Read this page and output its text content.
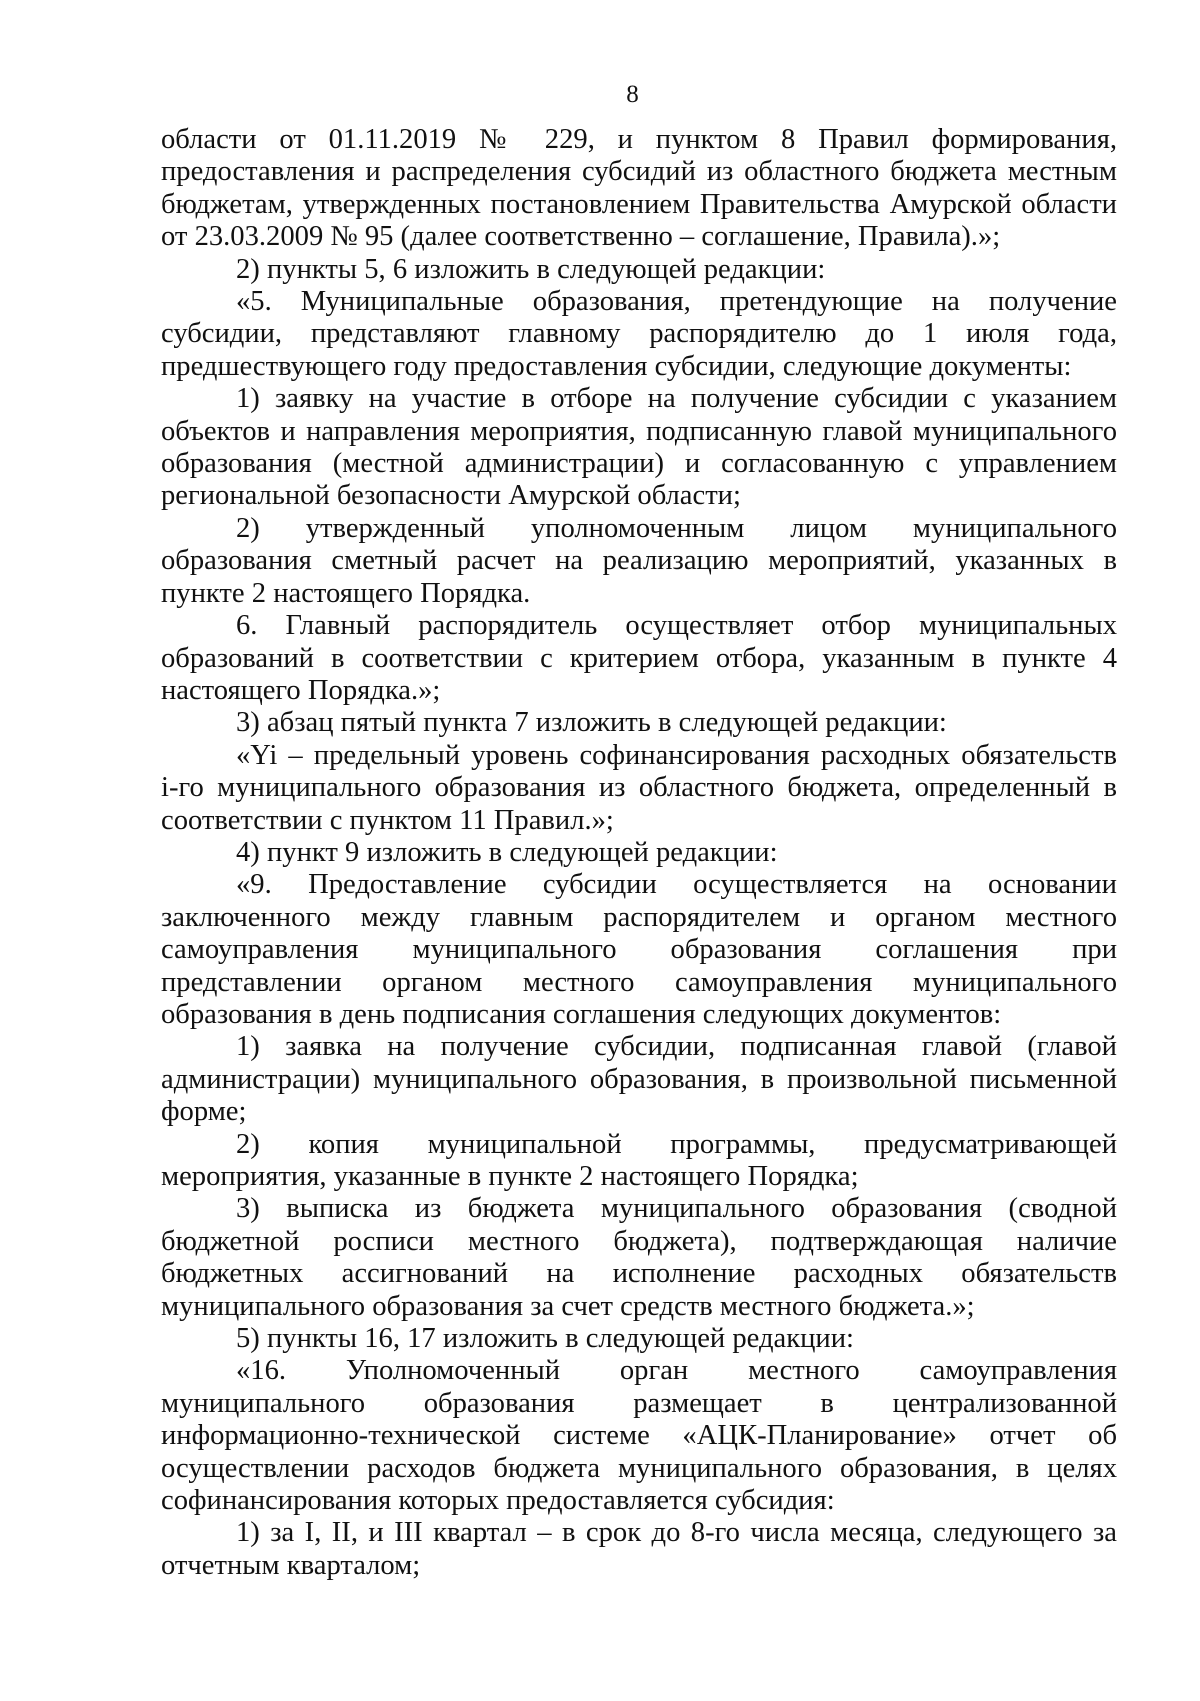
8

области от 01.11.2019 № 229, и пунктом 8 Правил формирования, предоставления и распределения субсидий из областного бюджета местным бюджетам, утвержденных постановлением Правительства Амурской области от 23.03.2009 № 95 (далее соответственно – соглашение, Правила).»;

2) пункты 5, 6 изложить в следующей редакции:

«5. Муниципальные образования, претендующие на получение субсидии, представляют главному распорядителю до 1 июля года, предшествующего году предоставления субсидии, следующие документы:

1) заявку на участие в отборе на получение субсидии с указанием объектов и направления мероприятия, подписанную главой муниципального образования (местной администрации) и согласованную с управлением региональной безопасности Амурской области;

2) утвержденный уполномоченным лицом муниципального образования сметный расчет на реализацию мероприятий, указанных в пункте 2 настоящего Порядка.

6. Главный распорядитель осуществляет отбор муниципальных образований в соответствии с критерием отбора, указанным в пункте 4 настоящего Порядка.»;

3) абзац пятый пункта 7 изложить в следующей редакции:

«Yi – предельный уровень софинансирования расходных обязательств i-го муниципального образования из областного бюджета, определенный в соответствии с пунктом 11 Правил.»;

4) пункт 9 изложить в следующей редакции:

«9. Предоставление субсидии осуществляется на основании заключенного между главным распорядителем и органом местного самоуправления муниципального образования соглашения при представлении органом местного самоуправления муниципального образования в день подписания соглашения следующих документов:

1) заявка на получение субсидии, подписанная главой (главой администрации) муниципального образования, в произвольной письменной форме;

2) копия муниципальной программы, предусматривающей мероприятия, указанные в пункте 2 настоящего Порядка;

3) выписка из бюджета муниципального образования (сводной бюджетной росписи местного бюджета), подтверждающая наличие бюджетных ассигнований на исполнение расходных обязательств муниципального образования за счет средств местного бюджета.»;

5) пункты 16, 17 изложить в следующей редакции:

«16. Уполномоченный орган местного самоуправления муниципального образования размещает в централизованной информационно-технической системе «АЦК-Планирование» отчет об осуществлении расходов бюджета муниципального образования, в целях софинансирования которых предоставляется субсидия:

1) за I, II, и III квартал – в срок до 8-го числа месяца, следующего за отчетным кварталом;
